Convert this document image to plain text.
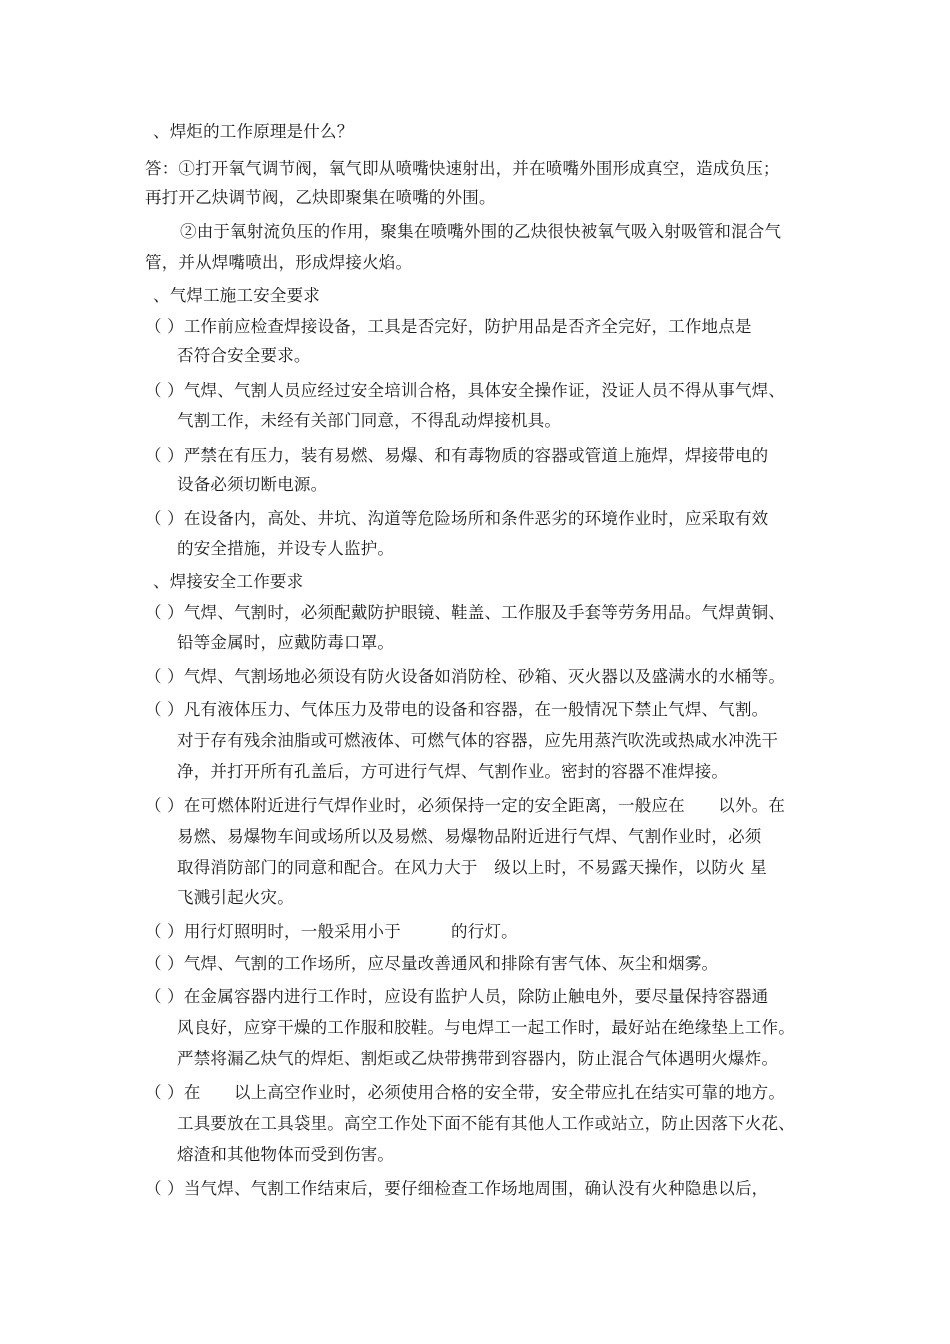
、焊炬的工作原理是什么？
答：①打开氧气调节阀，氧气即从喷嘴快速射出，并在喷嘴外围形成真空，造成负压；
再打开乙炔调节阀，乙炔即聚集在喷嘴的外围。
②由于氧射流负压的作用，聚集在喷嘴外围的乙炔很快被氧气吸入射吸管和混合气
管，并从焊嘴喷出，形成焊接火焰。
、气焊工施工安全要求
（ ）工作前应检查焊接设备，工具是否完好，防护用品是否齐全完好，工作地点是
否符合安全要求。
（ ）气焊、气割人员应经过安全培训合格，具体安全操作证，没证人员不得从事气焊、
气割工作，未经有关部门同意，不得乱动焊接机具。
（ ）严禁在有压力，装有易燃、易爆、和有毒物质的容器或管道上施焊，焊接带电的
设备必须切断电源。
（ ）在设备内，高处、井坑、沟道等危险场所和条件恶劣的环境作业时，应采取有效
的安全措施，并设专人监护。
、焊接安全工作要求
（ ）气焊、气割时，必须配戴防护眼镜、鞋盖、工作服及手套等劳务用品。气焊黄铜、
铅等金属时，应戴防毒口罩。
（ ）气焊、气割场地必须设有防火设备如消防栓、砂箱、灭火器以及盛满水的水桶等。
（ ）凡有液体压力、气体压力及带电的设备和容器，在一般情况下禁止气焊、气割。
对于存有残余油脂或可燃液体、可燃气体的容器，应先用蒸汽吹洗或热咸水冲洗干
净，并打开所有孔盖后，方可进行气焊、气割作业。密封的容器不准焊接。
（ ）在可燃体附近进行气焊作业时，必须保持一定的安全距离，一般应在　　以外。在
易燃、易爆物车间或场所以及易燃、易爆物品附近进行气焊、气割作业时，必须
取得消防部门的同意和配合。在风力大于　级以上时，不易露天操作，以防火 星
飞溅引起火灾。
（ ）用行灯照明时，一般采用小于　　　的行灯。
（ ）气焊、气割的工作场所，应尽量改善通风和排除有害气体、灰尘和烟雾。
（ ）在金属容器内进行工作时，应设有监护人员，除防止触电外，要尽量保持容器通
风良好，应穿干燥的工作服和胶鞋。与电焊工一起工作时，最好站在绝缘垫上工作。
严禁将漏乙炔气的焊炬、割炬或乙炔带携带到容器内，防止混合气体遇明火爆炸。
（ ）在　　以上高空作业时，必须使用合格的安全带，安全带应扎在结实可靠的地方。
工具要放在工具袋里。高空工作处下面不能有其他人工作或站立，防止因落下火花、
熔渣和其他物体而受到伤害。
（ ）当气焊、气割工作结束后，要仔细检查工作场地周围，确认没有火种隐患以后，
